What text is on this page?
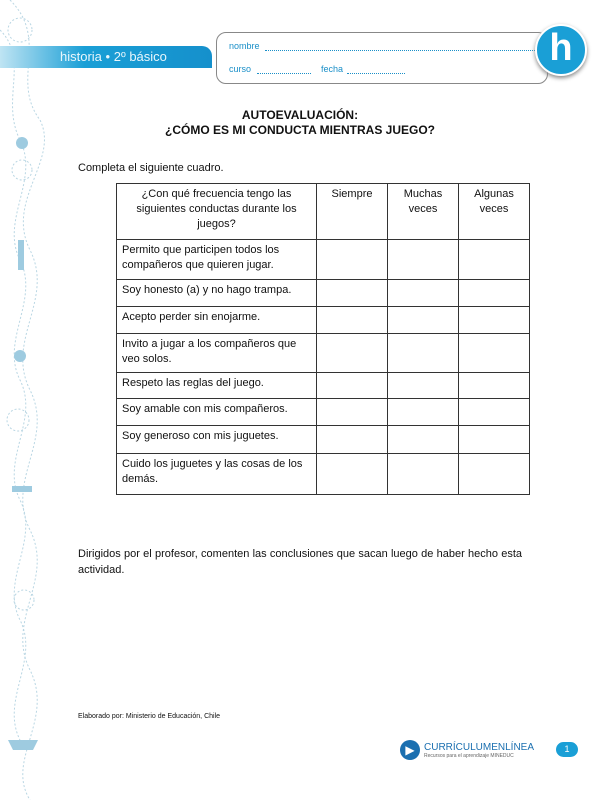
historia • 2º básico
nombre
curso	fecha	h
AUTOEVALUACIÓN:
¿CÓMO ES MI CONDUCTA MIENTRAS JUEGO?
Completa el siguiente cuadro.
¿Con qué frecuencia tengo las siguientes conductas durante los juegos?	Siempre	Muchas veces	Algunas veces
Permito que participen todos los compañeros que quieren jugar.			
Soy honesto (a) y no hago trampa.			
Acepto perder sin enojarme.			
Invito a jugar a los compañeros que veo solos.			
Respeto las reglas del juego.			
Soy amable con mis compañeros.			
Soy generoso con mis juguetes.			
Cuido los juguetes y las cosas de los demás.			
Dirigidos por el profesor, comenten las conclusiones que sacan luego de haber hecho esta actividad.
Elaborado por: Ministerio de Educación, Chile
▶ CURRÍCULUMENLÍNEA
Recursos para el aprendizaje MINEDUC
1
